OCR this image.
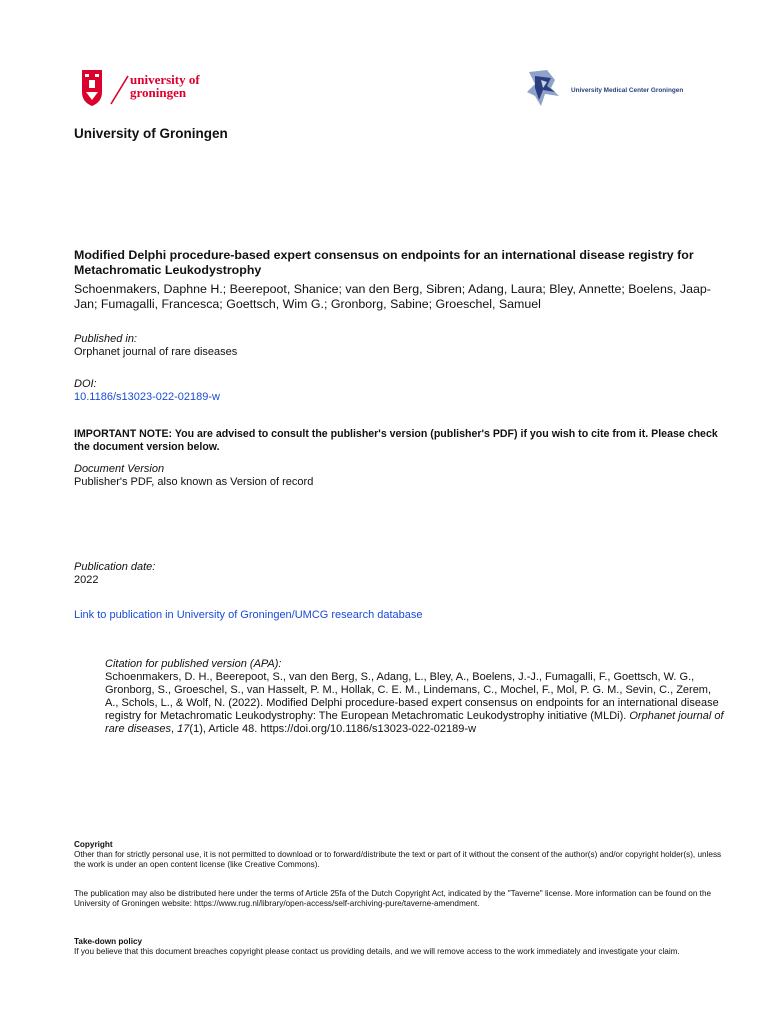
university of
groningen	University Medical Center Groningen
University of Groningen
Modified Delphi procedure-based expert consensus on endpoints for an international disease registry for Metachromatic Leukodystrophy
Schoenmakers, Daphne H.; Beerepoot, Shanice; van den Berg, Sibren; Adang, Laura; Bley, Annette; Boelens, Jaap-Jan; Fumagalli, Francesca; Goettsch, Wim G.; Gronborg, Sabine; Groeschel, Samuel
Published in:
Orphanet journal of rare diseases
DOI:
10.1186/s13023-022-02189-w
IMPORTANT NOTE: You are advised to consult the publisher's version (publisher's PDF) if you wish to cite from it. Please check the document version below.
Document Version
Publisher's PDF, also known as Version of record
Publication date:
2022
Link to publication in University of Groningen/UMCG research database
Citation for published version (APA):
Schoenmakers, D. H., Beerepoot, S., van den Berg, S., Adang, L., Bley, A., Boelens, J.-J., Fumagalli, F., Goettsch, W. G., Gronborg, S., Groeschel, S., van Hasselt, P. M., Hollak, C. E. M., Lindemans, C., Mochel, F., Mol, P. G. M., Sevin, C., Zerem, A., Schols, L., & Wolf, N. (2022). Modified Delphi procedure-based expert consensus on endpoints for an international disease registry for Metachromatic Leukodystrophy: The European Metachromatic Leukodystrophy initiative (MLDi). Orphanet journal of rare diseases, 17(1), Article 48. https://doi.org/10.1186/s13023-022-02189-w
Copyright
Other than for strictly personal use, it is not permitted to download or to forward/distribute the text or part of it without the consent of the author(s) and/or copyright holder(s), unless the work is under an open content license (like Creative Commons).
The publication may also be distributed here under the terms of Article 25fa of the Dutch Copyright Act, indicated by the "Taverne" license. More information can be found on the University of Groningen website: https://www.rug.nl/library/open-access/self-archiving-pure/taverne-amendment.
Take-down policy
If you believe that this document breaches copyright please contact us providing details, and we will remove access to the work immediately and investigate your claim.
